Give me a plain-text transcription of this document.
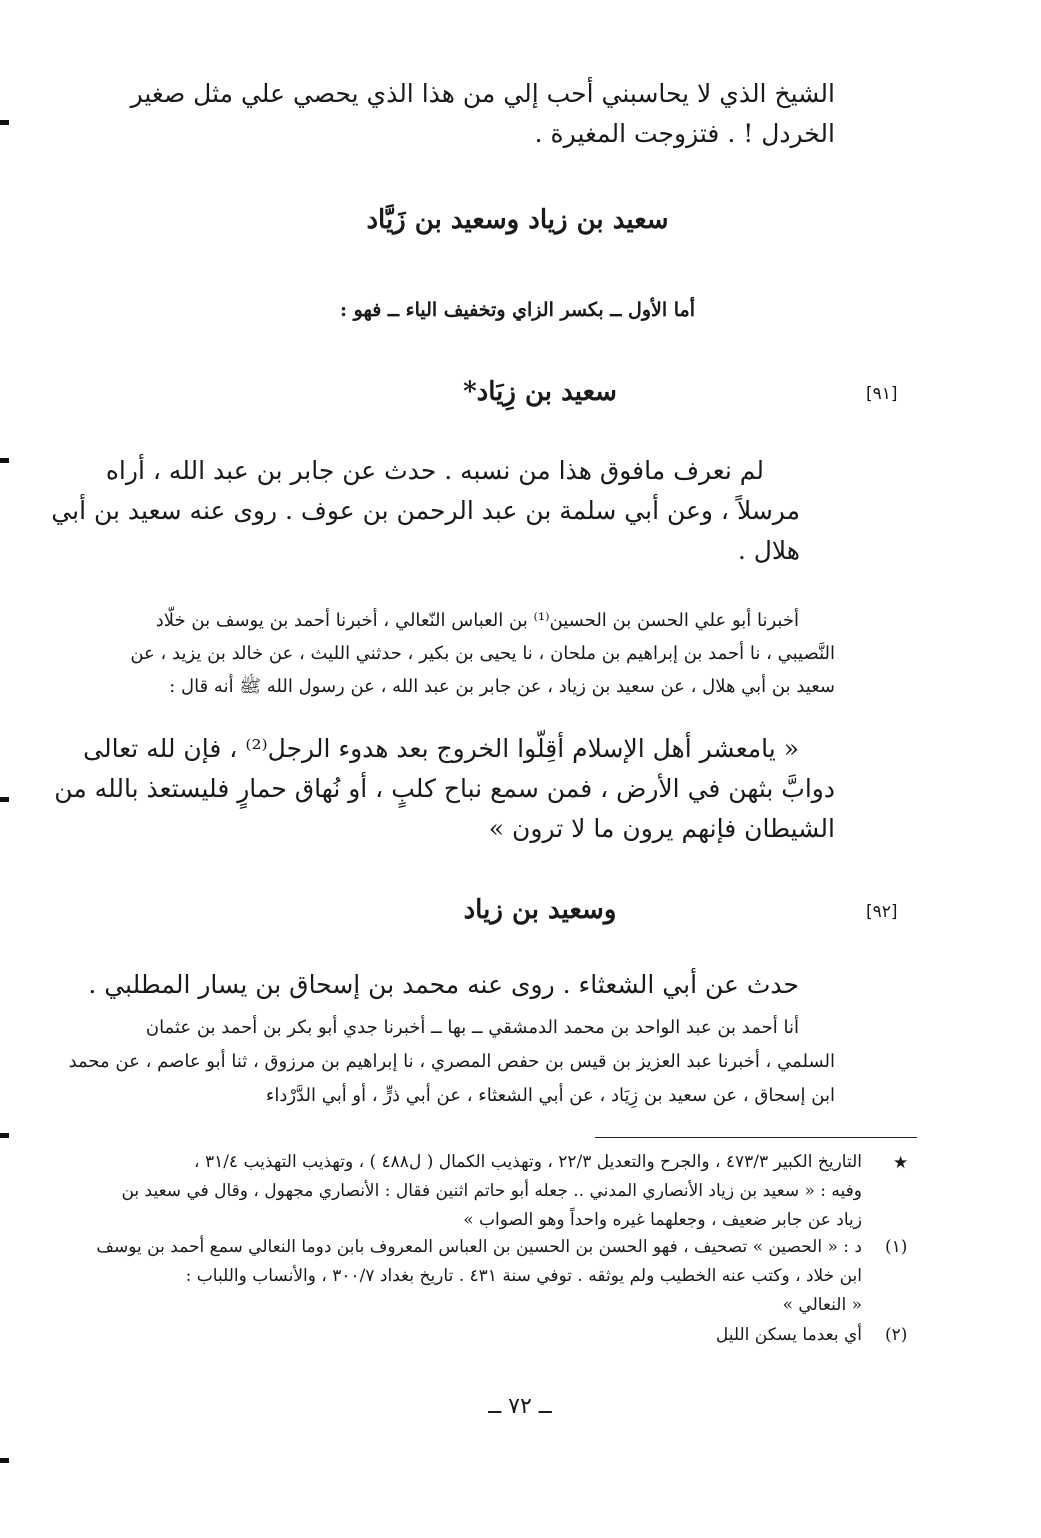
الشيخ الذي لا يحاسبني أحب إلي من هذا الذي يحصي علي مثل صغير
الخردل ! . فتزوجت المغيرة .
سعيد بن زياد وسعيد بن زَيَّاد
أما الأول ــ بكسر الزاي وتخفيف الياء ــ فهو :
[٩١]
سعيد بن زِيَاد*
لم نعرف مافوق هذا من نسبه . حدث عن جابر بن عبد الله ، أراه
مرسلاً ، وعن أبي سلمة بن عبد الرحمن بن عوف . روى عنه سعيد بن أبي
هلال .
أخبرنا أبو علي الحسن بن الحسين⁽¹⁾ بن العباس النّعالي ، أخبرنا أحمد بن يوسف بن خلّاد
النَّصيبي ، نا أحمد بن إبراهيم بن ملحان ، نا يحيى بن بكير ، حدثني الليث ، عن خالد بن يزيد ، عن
سعيد بن أبي هلال ، عن سعيد بن زياد ، عن جابر بن عبد الله ، عن رسول الله ﷺ أنه قال :
« يامعشر أهل الإسلام أقِلّوا الخروج بعد هدوء الرجل⁽²⁾ ، فإن لله تعالى
دوابَّ بثهن في الأرض ، فمن سمع نباح كلبٍ ، أو نُهاق حمارٍ فليستعذ بالله من
الشيطان فإنهم يرون ما لا ترون »
[٩٢]
وسعيد بن زياد
حدث عن أبي الشعثاء . روى عنه محمد بن إسحاق بن يسار المطلبي .
أنا أحمد بن عبد الواحد بن محمد الدمشقي ــ بها ــ أخبرنا جدي أبو بكر بن أحمد بن عثمان
السلمي ، أخبرنا عبد العزيز بن قيس بن حفص المصري ، نا إبراهيم بن مرزوق ، ثنا أبو عاصم ، عن محمد
ابن إسحاق ، عن سعيد بن زِيَاد ، عن أبي الشعثاء ، عن أبي ذرٍّ ، أو أبي الدَّرْداء
★
التاريخ الكبير ٤٧٣/٣ ، والجرح والتعديل ٢٢/٣ ، وتهذيب الكمال ( ل٤٨٨ ) ، وتهذيب التهذيب ٣١/٤ ،
وفيه : « سعيد بن زياد الأنصاري المدني .. جعله أبو حاتم اثنين فقال : الأنصاري مجهول ، وقال في سعيد بن
زياد عن جابر ضعيف ، وجعلهما غيره واحداً وهو الصواب »
(١)
د : « الحصين » تصحيف ، فهو الحسن بن الحسين بن العباس المعروف بابن دوما النعالي سمع أحمد بن يوسف
ابن خلاد ، وكتب عنه الخطيب ولم يوثقه . توفي سنة ٤٣١ . تاريخ بغداد ٣٠٠/٧ ، والأنساب واللباب :
« النعالي »
(٢)
أي بعدما يسكن الليل
ــ ٧٢ ــ
